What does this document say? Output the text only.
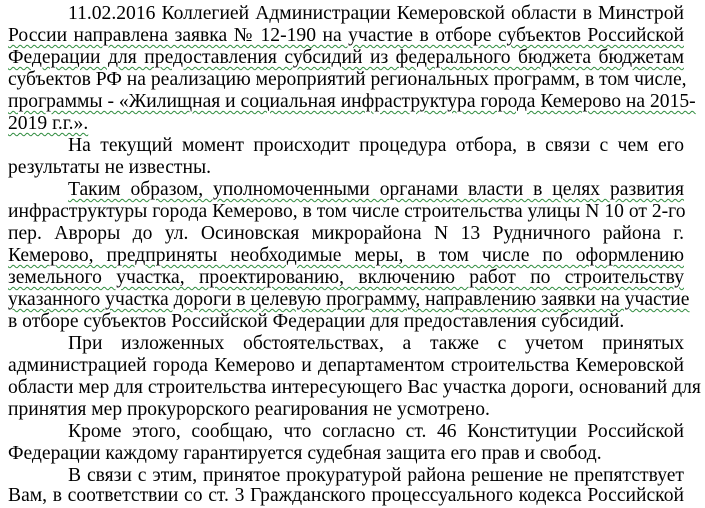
11.02.2016 Коллегией Администрации Кемеровской области в Минстрой
России направлена заявка № 12-190 на участие в отборе субъектов Российской
Федерации для предоставления субсидий из федерального бюджета бюджетам
субъектов РФ на реализацию мероприятий региональных программ, в том числе,
программы - «Жилищная и социальная инфраструктура города Кемерово на 2015-
2019 г.г.».
На текущий момент происходит процедура отбора, в связи с чем его
результаты не известны.
Таким образом, уполномоченными органами власти в целях развития
инфраструктуры города Кемерово, в том числе строительства улицы N 10 от 2-го
пер. Авроры до ул. Осиновская микрорайона N 13 Рудничного района г.
Кемерово, предприняты необходимые меры, в том числе по оформлению
земельного участка, проектированию, включению работ по строительству
указанного участка дороги в целевую программу, направлению заявки на участие
в отборе субъектов Российской Федерации для предоставления субсидий.
При изложенных обстоятельствах, а также с учетом принятых
администрацией города Кемерово и департаментом строительства Кемеровской
области мер для строительства интересующего Вас участка дороги, оснований для
принятия мер прокурорского реагирования не усмотрено.
Кроме этого, сообщаю, что согласно ст. 46 Конституции Российской
Федерации каждому гарантируется судебная защита его прав и свобод.
В связи с этим, принятое прокуратурой района решение не препятствует
Вам, в соответствии со ст. 3 Гражданского процессуального кодекса Российской
